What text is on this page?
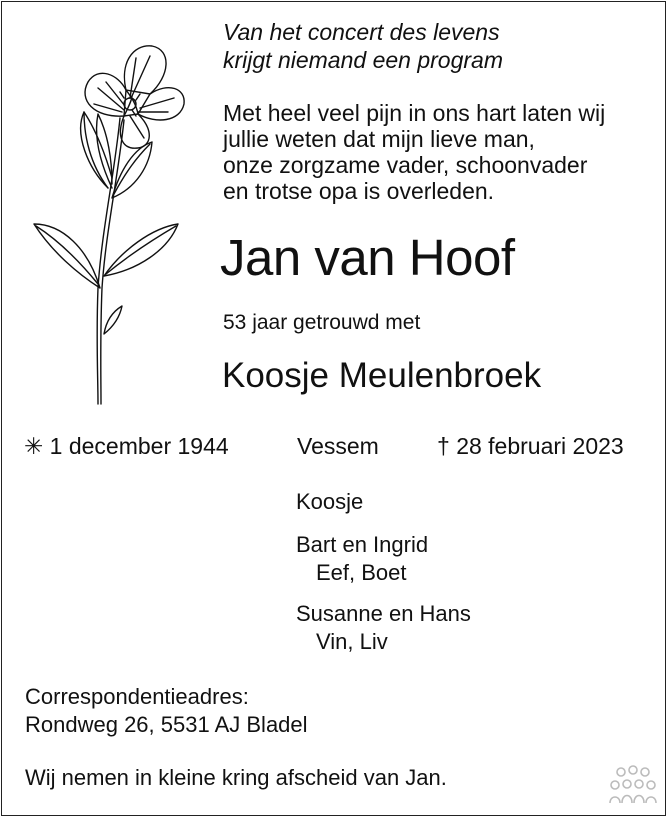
Van het concert des levens
krijgt niemand een program
Met heel veel pijn in ons hart laten wij
jullie weten dat mijn lieve man,
onze zorgzame vader, schoonvader
en trotse opa is overleden.
Jan van Hoof
53 jaar getrouwd met
Koosje Meulenbroek
✳ 1 december 1944	Vessem	† 28 februari 2023
Koosje
Bart en Ingrid
Eef, Boet
Susanne en Hans
Vin, Liv
Correspondentieadres:
Rondweg 26, 5531 AJ Bladel
Wij nemen in kleine kring afscheid van Jan.
